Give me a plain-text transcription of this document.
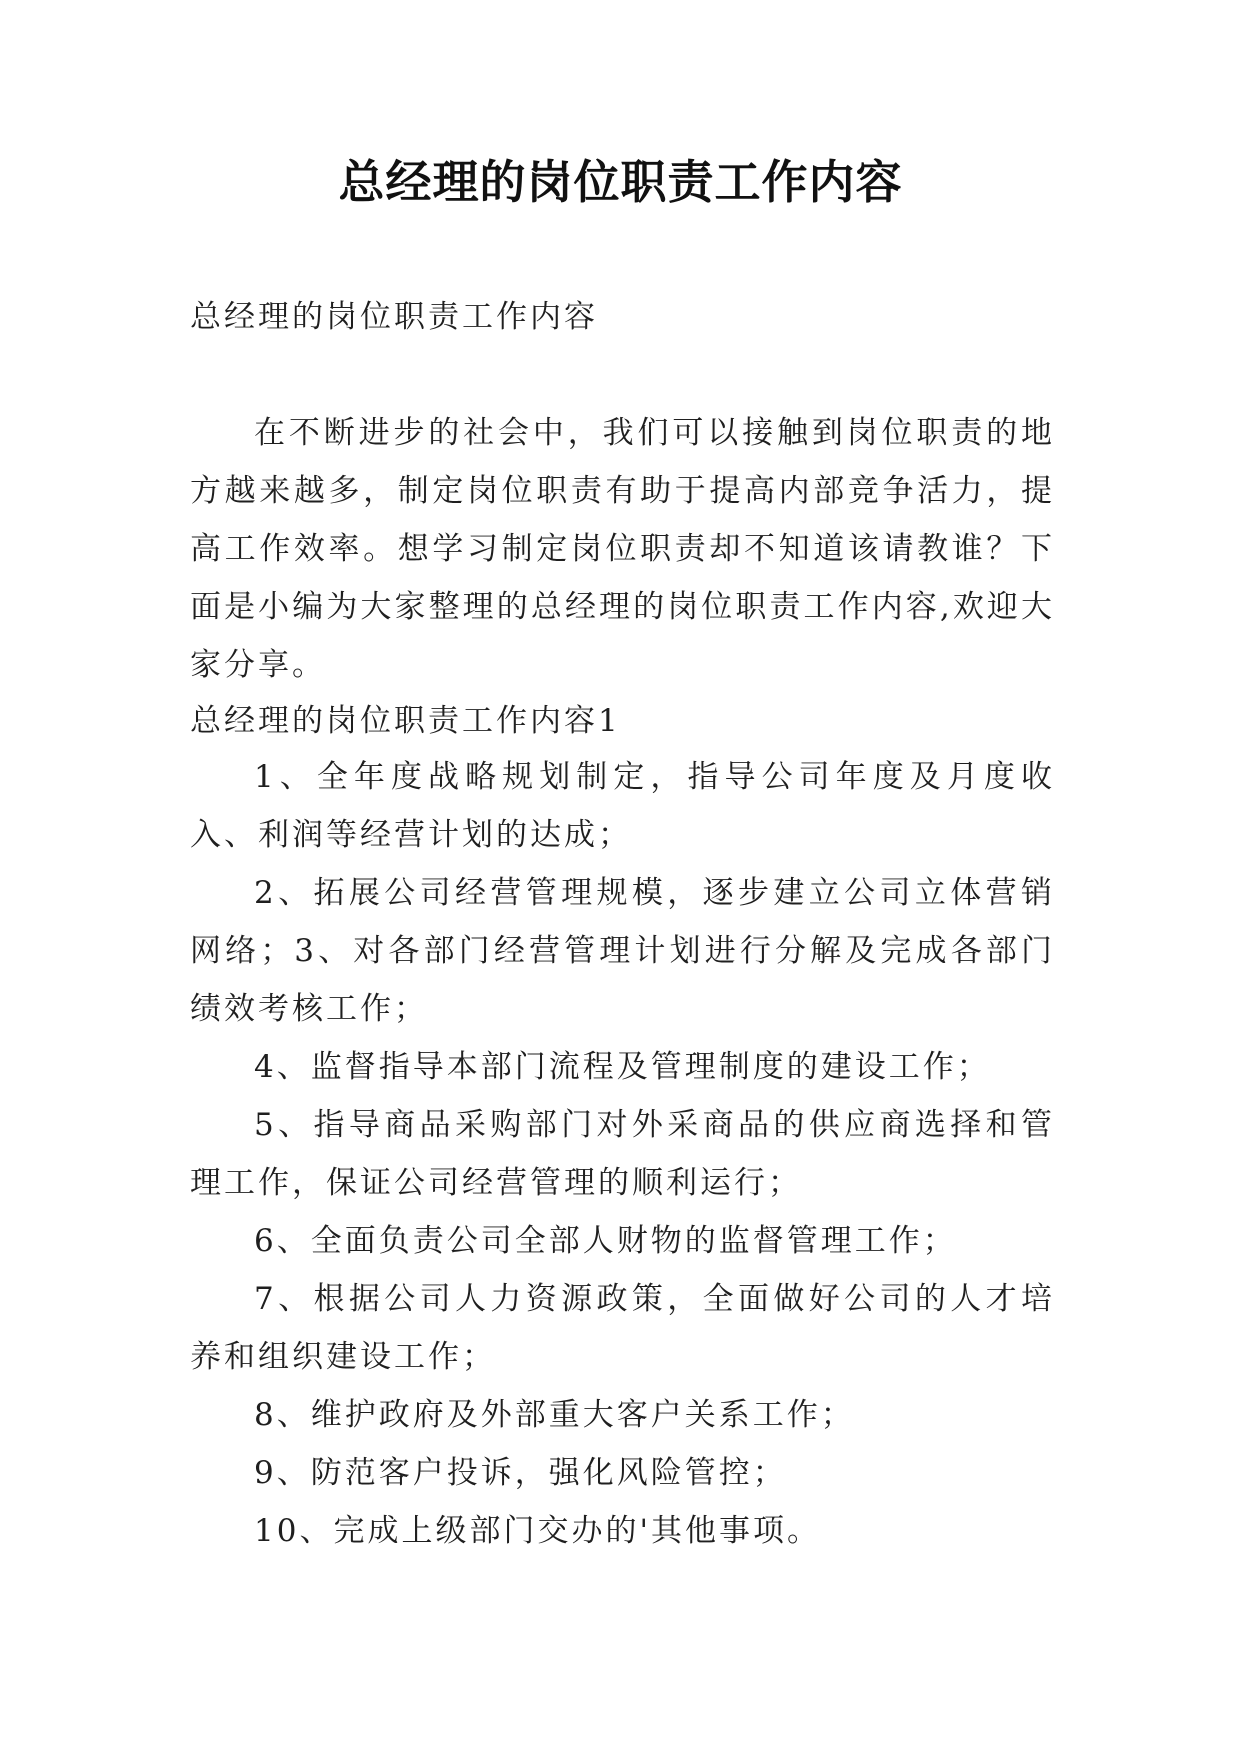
总经理的岗位职责工作内容

总经理的岗位职责工作内容

在不断进步的社会中，我们可以接触到岗位职责的地方越来越多，制定岗位职责有助于提高内部竞争活力，提高工作效率。想学习制定岗位职责却不知道该请教谁？下面是小编为大家整理的总经理的岗位职责工作内容,欢迎大家分享。

总经理的岗位职责工作内容1

1、全年度战略规划制定，指导公司年度及月度收入、利润等经营计划的达成；

2、拓展公司经营管理规模，逐步建立公司立体营销网络；3、对各部门经营管理计划进行分解及完成各部门绩效考核工作；

4、监督指导本部门流程及管理制度的建设工作；

5、指导商品采购部门对外采商品的供应商选择和管理工作，保证公司经营管理的顺利运行；

6、全面负责公司全部人财物的监督管理工作；

7、根据公司人力资源政策，全面做好公司的人才培养和组织建设工作；

8、维护政府及外部重大客户关系工作；

9、防范客户投诉，强化风险管控；

10、完成上级部门交办的'其他事项。
